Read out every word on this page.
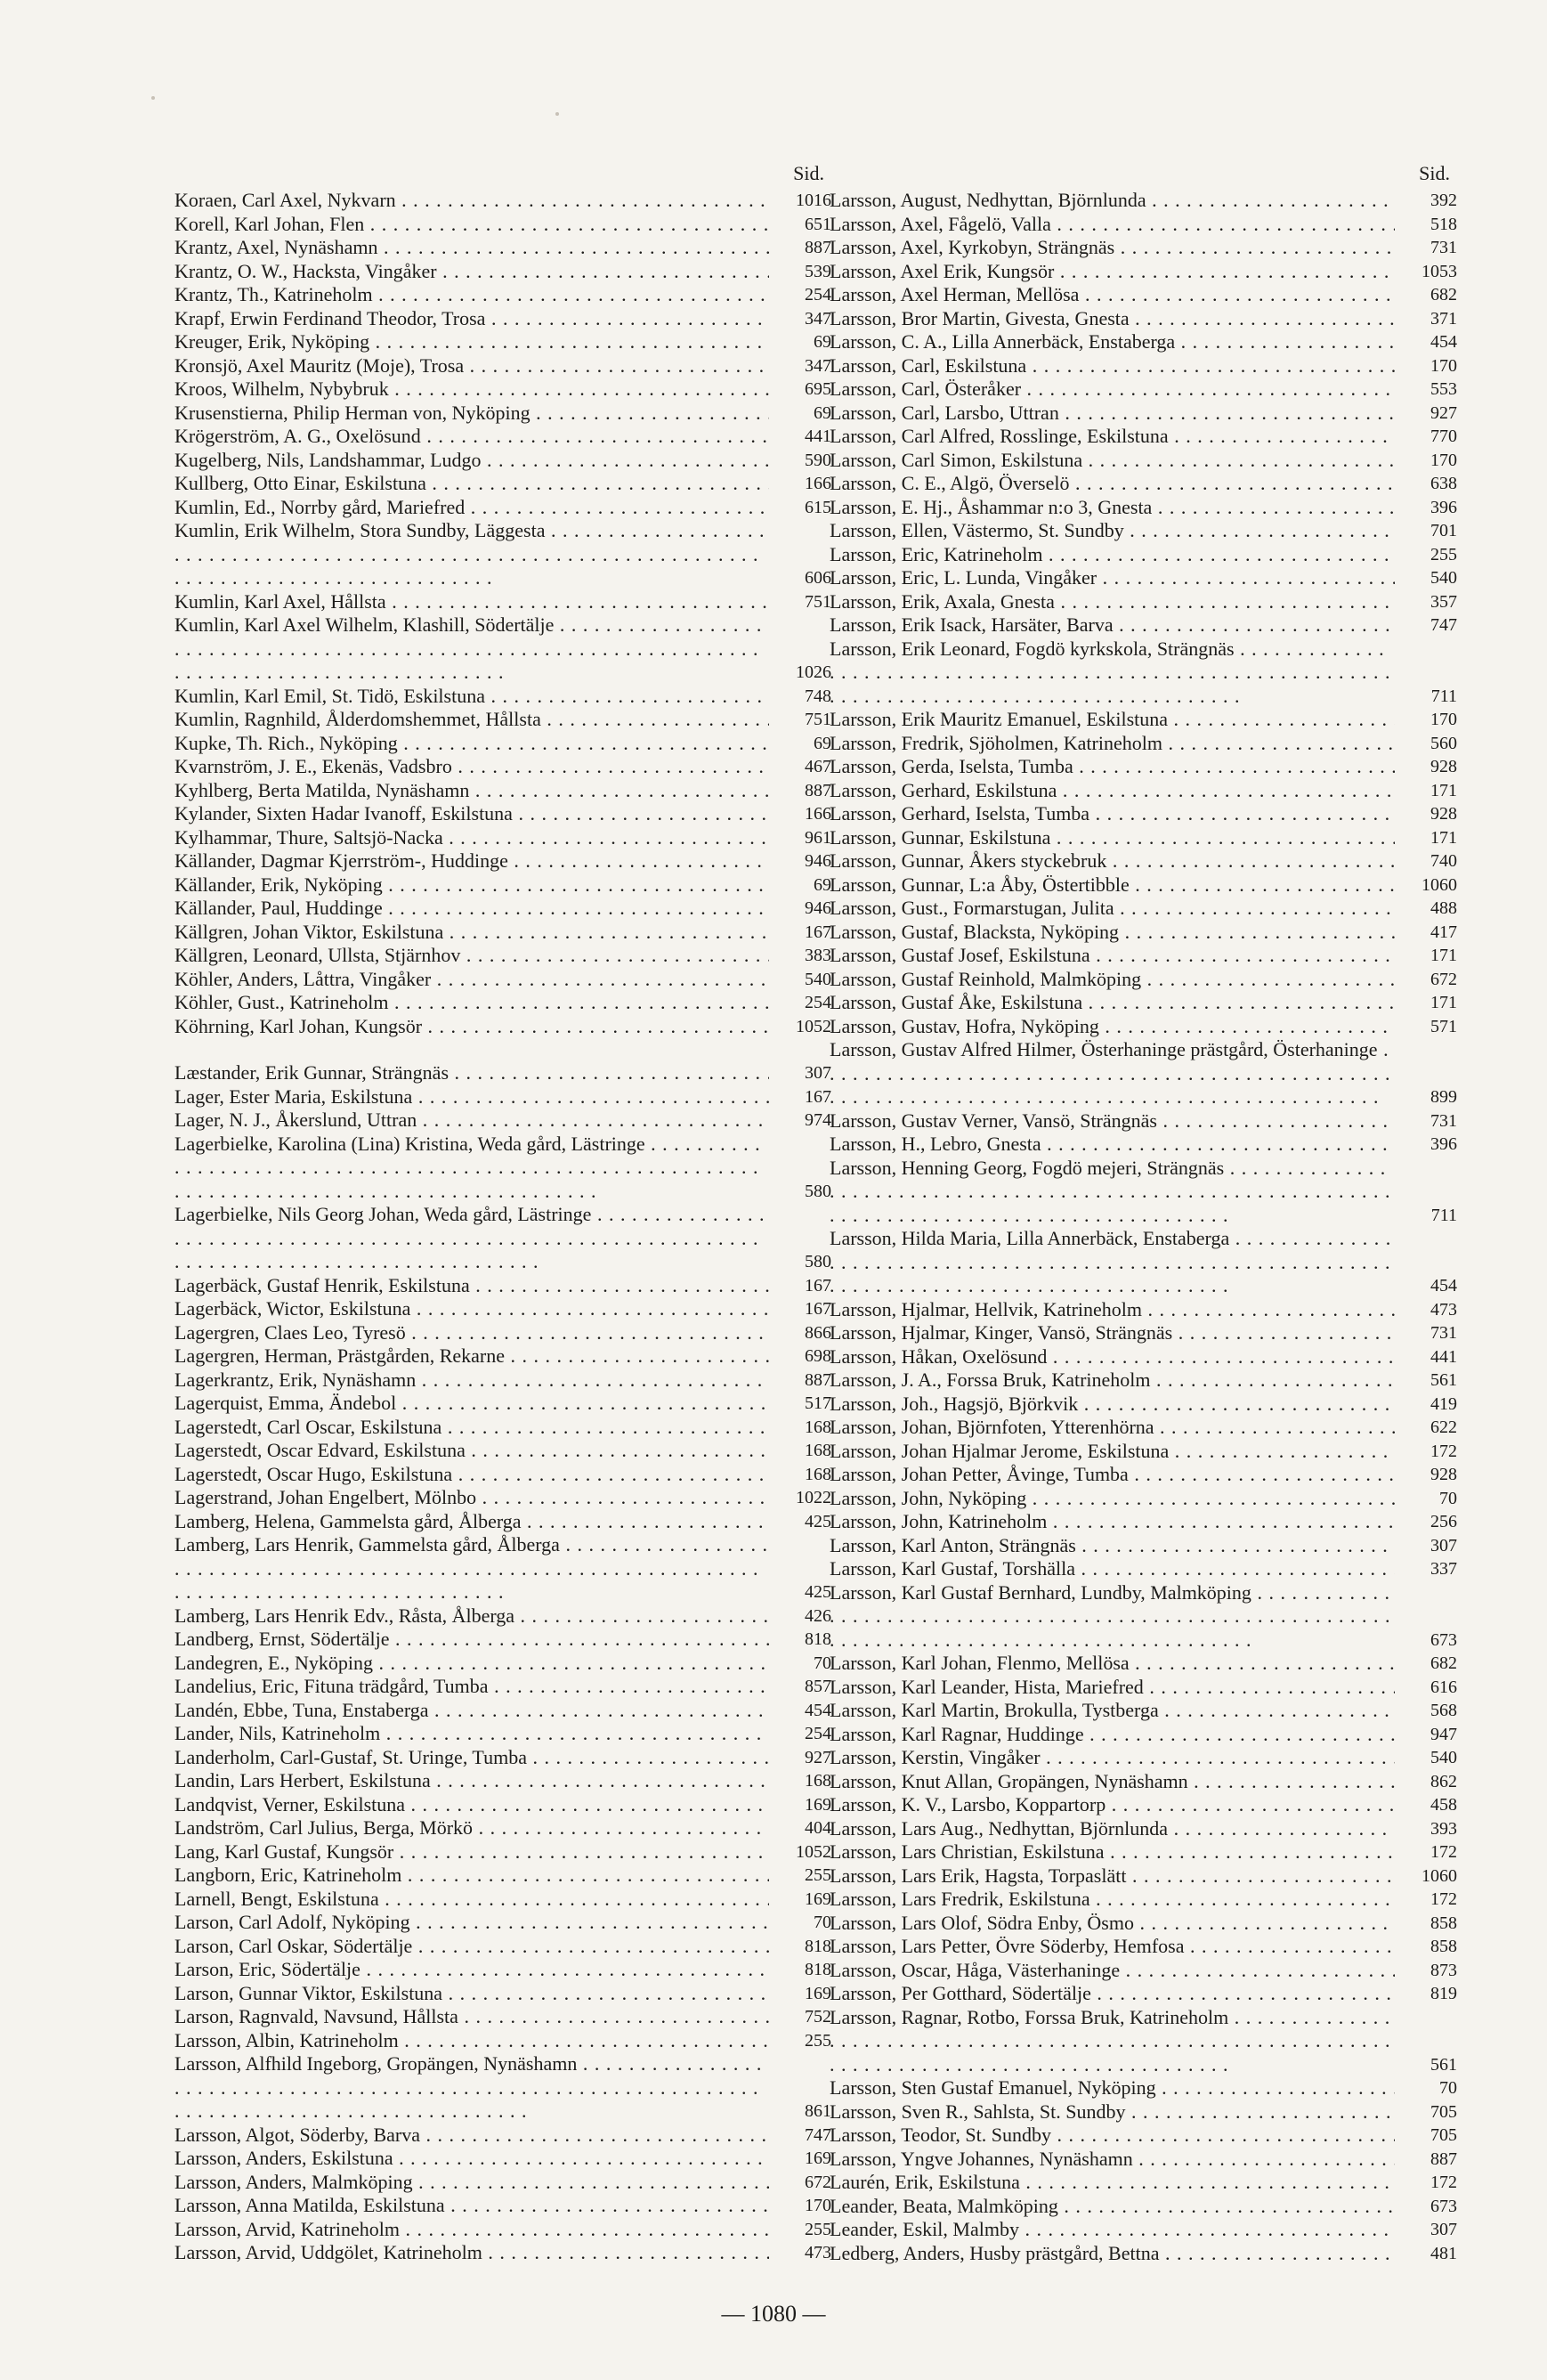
Sid.
Koraen, Carl Axel, Nykvarn . . .	1016
Korell, Karl Johan, Flen . . .	651
Krantz, Axel, Nynäshamn . . .	887
Krantz, O. W., Hacksta, Vingåker . . .	539
Krantz, Th., Katrineholm . . .	254
Krapf, Erwin Ferdinand Theodor, Trosa . . .	347
Kreuger, Erik, Nyköping . . .	69
Kronsjö, Axel Mauritz (Moje), Trosa . . .	347
Kroos, Wilhelm, Nybybruk . . .	695
Krusenstierna, Philip Herman von, Nyköping . . .	69
Krögerström, A. G., Oxelösund . . .	441
Kugelberg, Nils, Landshammar, Ludgo . . .	590
Kullberg, Otto Einar, Eskilstuna . . .	166
Kumlin, Ed., Norrby gård, Mariefred . . .	615
Kumlin, Erik Wilhelm, Stora Sundby, Läggesta . . .
606
Kumlin, Karl Axel, Hållsta . . .	751
Kumlin, Karl Axel Wilhelm, Klashill, Södertälje . . .
1026
Kumlin, Karl Emil, St. Tidö, Eskilstuna . . .	748
Kumlin, Ragnhild, Ålderdomshemmet, Hållsta . . .	751
Kupke, Th. Rich., Nyköping . . .	69
Kvarnström, J. E., Ekenäs, Vadsbro . . .	467
Kyhlberg, Berta Matilda, Nynäshamn . . .	887
Kylander, Sixten Hadar Ivanoff, Eskilstuna . . .	166
Kylhammar, Thure, Saltsjö-Nacka . . .	961
Källander, Dagmar Kjerrström-, Huddinge . . .	946
Källander, Erik, Nyköping . . .	69
Källander, Paul, Huddinge . . .	946
Källgren, Johan Viktor, Eskilstuna . . .	167
Källgren, Leonard, Ullsta, Stjärnhov . . .	383
Köhler, Anders, Låttra, Vingåker . . .	540
Köhler, Gust., Katrineholm . . .	254
Köhrning, Karl Johan, Kungsör . . .	1052
Læstander, Erik Gunnar, Strängnäs . . .	307
Lager, Ester Maria, Eskilstuna . . .	167
Lager, N. J., Åkerslund, Uttran . . .	974
Lagerbielke, Karolina (Lina) Kristina, Weda gård, Lästringe . . .
580
Lagerbielke, Nils Georg Johan, Weda gård, Lästringe . . .
580
Lagerbäck, Gustaf Henrik, Eskilstuna . . .	167
Lagerbäck, Wictor, Eskilstuna . . .	167
Lagergren, Claes Leo, Tyresö . . .	866
Lagergren, Herman, Prästgården, Rekarne . . .	698
Lagerkrantz, Erik, Nynäshamn . . .	887
Lagerquist, Emma, Ändebol . . .	517
Lagerstedt, Carl Oscar, Eskilstuna . . .	168
Lagerstedt, Oscar Edvard, Eskilstuna . . .	168
Lagerstedt, Oscar Hugo, Eskilstuna . . .	168
Lagerstrand, Johan Engelbert, Mölnbo . . .	1022
Lamberg, Helena, Gammelsta gård, Ålberga . . .	425
Lamberg, Lars Henrik, Gammelsta gård, Ålberga . . .
425
Lamberg, Lars Henrik Edv., Råsta, Ålberga . . .	426
Landberg, Ernst, Södertälje . . .	818
Landegren, E., Nyköping . . .	70
Landelius, Eric, Fituna trädgård, Tumba . . .	857
Landén, Ebbe, Tuna, Enstaberga . . .	454
Lander, Nils, Katrineholm . . .	254
Landerholm, Carl-Gustaf, St. Uringe, Tumba . . .	927
Landin, Lars Herbert, Eskilstuna . . .	168
Landqvist, Verner, Eskilstuna . . .	169
Landström, Carl Julius, Berga, Mörkö . . .	404
Lang, Karl Gustaf, Kungsör . . .	1052
Langborn, Eric, Katrineholm . . .	255
Larnell, Bengt, Eskilstuna . . .	169
Larson, Carl Adolf, Nyköping . . .	70
Larson, Carl Oskar, Södertälje . . .	818
Larson, Eric, Södertälje . . .	818
Larson, Gunnar Viktor, Eskilstuna . . .	169
Larson, Ragnvald, Navsund, Hållsta . . .	752
Larsson, Albin, Katrineholm . . .	255
Larsson, Alfhild Ingeborg, Gropängen, Nynäshamn . . .
861
Larsson, Algot, Söderby, Barva . . .	747
Larsson, Anders, Eskilstuna . . .	169
Larsson, Anders, Malmköping . . .	672
Larsson, Anna Matilda, Eskilstuna . . .	170
Larsson, Arvid, Katrineholm . . .	255
Larsson, Arvid, Uddgölet, Katrineholm . . .	473
Sid.
Larsson, August, Nedhyttan, Björnlunda . . .	392
Larsson, Axel, Fågelö, Valla . . .	518
Larsson, Axel, Kyrkobyn, Strängnäs . . .	731
Larsson, Axel Erik, Kungsör . . .	1053
Larsson, Axel Herman, Mellösa . . .	682
Larsson, Bror Martin, Givesta, Gnesta . . .	371
Larsson, C. A., Lilla Annerbäck, Enstaberga . . .	454
Larsson, Carl, Eskilstuna . . .	170
Larsson, Carl, Österåker . . .	553
Larsson, Carl, Larsbo, Uttran . . .	927
Larsson, Carl Alfred, Rosslinge, Eskilstuna . . .	770
Larsson, Carl Simon, Eskilstuna . . .	170
Larsson, C. E., Algö, Överselö . . .	638
Larsson, E. Hj., Åshammar n:o 3, Gnesta . . .	396
Larsson, Ellen, Västermo, St. Sundby . . .	701
Larsson, Eric, Katrineholm . . .	255
Larsson, Eric, L. Lunda, Vingåker . . .	540
Larsson, Erik, Axala, Gnesta . . .	357
Larsson, Erik Isack, Harsäter, Barva . . .	747
Larsson, Erik Leonard, Fogdö kyrkskola, Strängnäs . . .
711
Larsson, Erik Mauritz Emanuel, Eskilstuna . . .	170
Larsson, Fredrik, Sjöholmen, Katrineholm . . .	560
Larsson, Gerda, Iselsta, Tumba . . .	928
Larsson, Gerhard, Eskilstuna . . .	171
Larsson, Gerhard, Iselsta, Tumba . . .	928
Larsson, Gunnar, Eskilstuna . . .	171
Larsson, Gunnar, Åkers styckebruk . . .	740
Larsson, Gunnar, L:a Åby, Östertibble . . .	1060
Larsson, Gust., Formarstugan, Julita . . .	488
Larsson, Gustaf, Blacksta, Nyköping . . .	417
Larsson, Gustaf Josef, Eskilstuna . . .	171
Larsson, Gustaf Reinhold, Malmköping . . .	672
Larsson, Gustaf Åke, Eskilstuna . . .	171
Larsson, Gustav, Hofra, Nyköping . . .	571
Larsson, Gustav Alfred Hilmer, Österhaninge prästgård, Österhaninge . . .
899
Larsson, Gustav Verner, Vansö, Strängnäs . . .	731
Larsson, H., Lebro, Gnesta . . .	396
Larsson, Henning Georg, Fogdö mejeri, Strängnäs . . .
711
Larsson, Hilda Maria, Lilla Annerbäck, Enstaberga . . .
454
Larsson, Hjalmar, Hellvik, Katrineholm . . .	473
Larsson, Hjalmar, Kinger, Vansö, Strängnäs . . .	731
Larsson, Håkan, Oxelösund . . .	441
Larsson, J. A., Forssa Bruk, Katrineholm . . .	561
Larsson, Joh., Hagsjö, Björkvik . . .	419
Larsson, Johan, Björnfoten, Ytterenhörna . . .	622
Larsson, Johan Hjalmar Jerome, Eskilstuna . . .	172
Larsson, Johan Petter, Åvinge, Tumba . . .	928
Larsson, John, Nyköping . . .	70
Larsson, John, Katrineholm . . .	256
Larsson, Karl Anton, Strängnäs . . .	307
Larsson, Karl Gustaf, Torshälla . . .	337
Larsson, Karl Gustaf Bernhard, Lundby, Malmköping . . .
673
Larsson, Karl Johan, Flenmo, Mellösa . . .	682
Larsson, Karl Leander, Hista, Mariefred . . .	616
Larsson, Karl Martin, Brokulla, Tystberga . . .	568
Larsson, Karl Ragnar, Huddinge . . .	947
Larsson, Kerstin, Vingåker . . .	540
Larsson, Knut Allan, Gropängen, Nynäshamn . . .	862
Larsson, K. V., Larsbo, Koppartorp . . .	458
Larsson, Lars Aug., Nedhyttan, Björnlunda . . .	393
Larsson, Lars Christian, Eskilstuna . . .	172
Larsson, Lars Erik, Hagsta, Torpaslätt . . .	1060
Larsson, Lars Fredrik, Eskilstuna . . .	172
Larsson, Lars Olof, Södra Enby, Ösmo . . .	858
Larsson, Lars Petter, Övre Söderby, Hemfosa . . .	858
Larsson, Oscar, Håga, Västerhaninge . . .	873
Larsson, Per Gotthard, Södertälje . . .	819
Larsson, Ragnar, Rotbo, Forssa Bruk, Katrineholm . . .
561
Larsson, Sten Gustaf Emanuel, Nyköping . . .	70
Larsson, Sven R., Sahlsta, St. Sundby . . .	705
Larsson, Teodor, St. Sundby . . .	705
Larsson, Yngve Johannes, Nynäshamn . . .	887
Laurén, Erik, Eskilstuna . . .	172
Leander, Beata, Malmköping . . .	673
Leander, Eskil, Malmby . . .	307
Ledberg, Anders, Husby prästgård, Bettna . . .	481
— 1080 —
